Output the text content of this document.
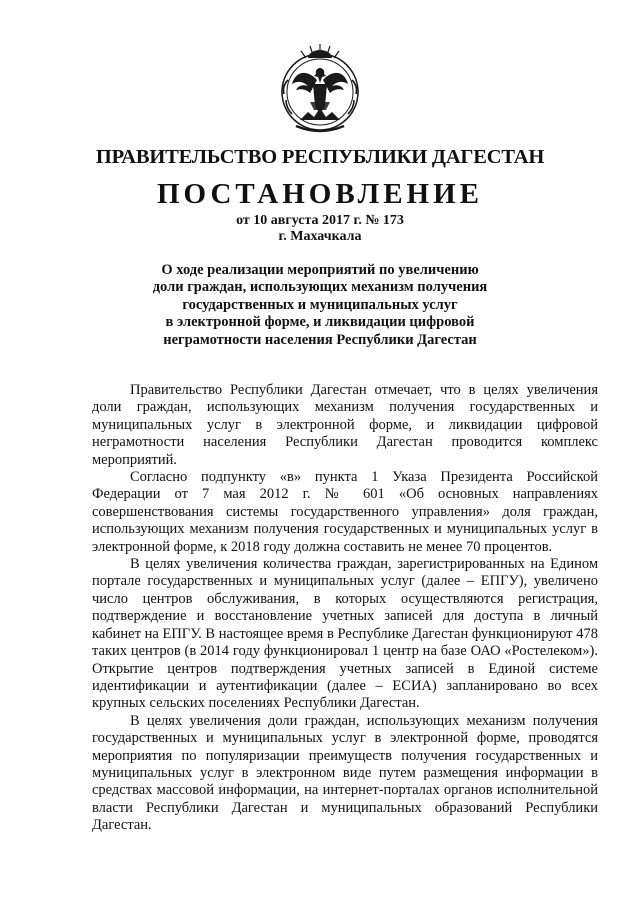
ПРАВИТЕЛЬСТВО РЕСПУБЛИКИ ДАГЕСТАН
ПОСТАНОВЛЕНИЕ
от 10 августа 2017 г. № 173
г. Махачкала
О ходе реализации мероприятий по увеличению
доли граждан, использующих механизм получения
государственных и муниципальных услуг
в электронной форме, и ликвидации цифровой
неграмотности населения Республики Дагестан

Правительство Республики Дагестан отмечает, что в целях увеличения доли граждан, использующих механизм получения государственных и муниципальных услуг в электронной форме, и ликвидации цифровой неграмотности населения Республики Дагестан проводится комплекс мероприятий.

Согласно подпункту «в» пункта 1 Указа Президента Российской Федерации от 7 мая 2012 г. № 601 «Об основных направлениях совершенствования системы государственного управления» доля граждан, использующих механизм получения государственных и муниципальных услуг в электронной форме, к 2018 году должна составить не менее 70 процентов.

В целях увеличения количества граждан, зарегистрированных на Едином портале государственных и муниципальных услуг (далее – ЕПГУ), увеличено число центров обслуживания, в которых осуществляются регистрация, подтверждение и восстановление учетных записей для доступа в личный кабинет на ЕПГУ. В настоящее время в Республике Дагестан функционируют 478 таких центров (в 2014 году функционировал 1 центр на базе ОАО «Ростелеком»). Открытие центров подтверждения учетных записей в Единой системе идентификации и аутентификации (далее – ЕСИА) запланировано во всех крупных сельских поселениях Республики Дагестан.

В целях увеличения доли граждан, использующих механизм получения государственных и муниципальных услуг в электронной форме, проводятся мероприятия по популяризации преимуществ получения государственных и муниципальных услуг в электронном виде путем размещения информации в средствах массовой информации, на интернет-порталах органов исполнительной власти Республики Дагестан и муниципальных образований Республики Дагестан.
